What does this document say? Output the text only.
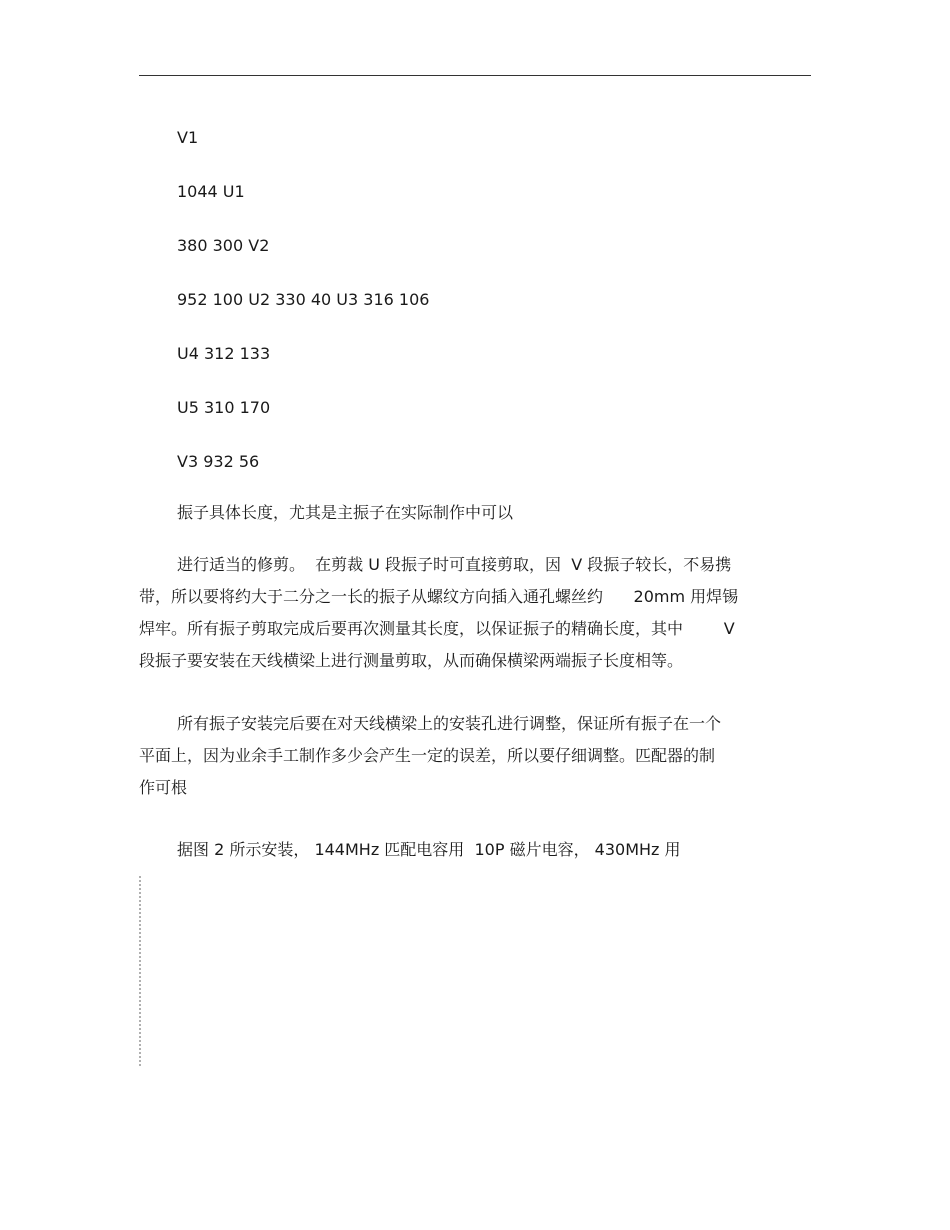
V1
1044 U1
380 300 V2
952 100 U2 330 40 U3 316 106
U4 312 133
U5 310 170
V3 932 56
振子具体长度，尤其是主振子在实际制作中可以
进行适当的修剪。  在剪裁 U 段振子时可直接剪取，因  V 段振子较长，不易携
带，所以要将约大于二分之一长的振子从螺纹方向插入通孔螺丝约      20mm 用焊锡
焊牢。所有振子剪取完成后要再次测量其长度，以保证振子的精确长度，其中        V
段振子要安装在天线横梁上进行测量剪取，从而确保横梁两端振子长度相等。
所有振子安装完后要在对天线横梁上的安装孔进行调整，保证所有振子在一个
平面上，因为业余手工制作多少会产生一定的误差，所以要仔细调整。匹配器的制
作可根
据图 2 所示安装， 144MHz 匹配电容用  10P 磁片电容， 430MHz 用
